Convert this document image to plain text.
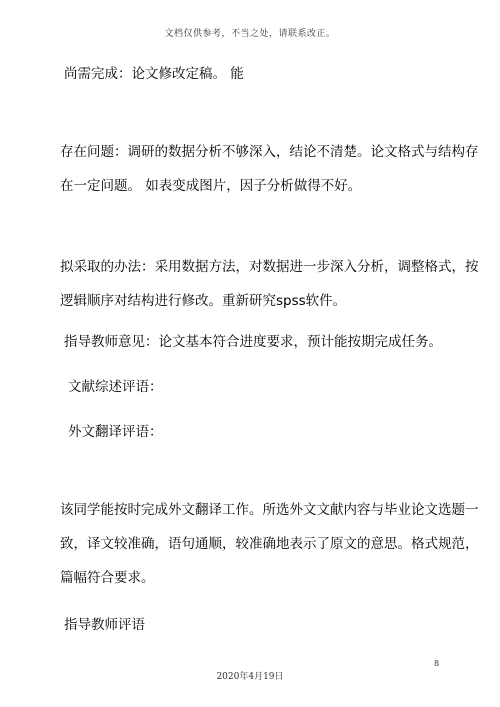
文档仅供参考，不当之处，请联系改正。
尚需完成：论文修改定稿。 能
存在问题：调研的数据分析不够深入，结论不清楚。论文格式与结构存
在一定问题。 如表变成图片，因子分析做得不好。
拟采取的办法：采用数据方法，对数据进一步深入分析，调整格式，按
逻辑顺序对结构进行修改。重新研究spss软件。
指导教师意见：论文基本符合进度要求，预计能按期完成任务。
文献综述评语：
外文翻译评语：
该同学能按时完成外文翻译工作。所选外文文献内容与毕业论文选题一
致，译文较准确，语句通顺，较准确地表示了原文的意思。格式规范，
篇幅符合要求。
指导教师评语
8
2020年4月19日
